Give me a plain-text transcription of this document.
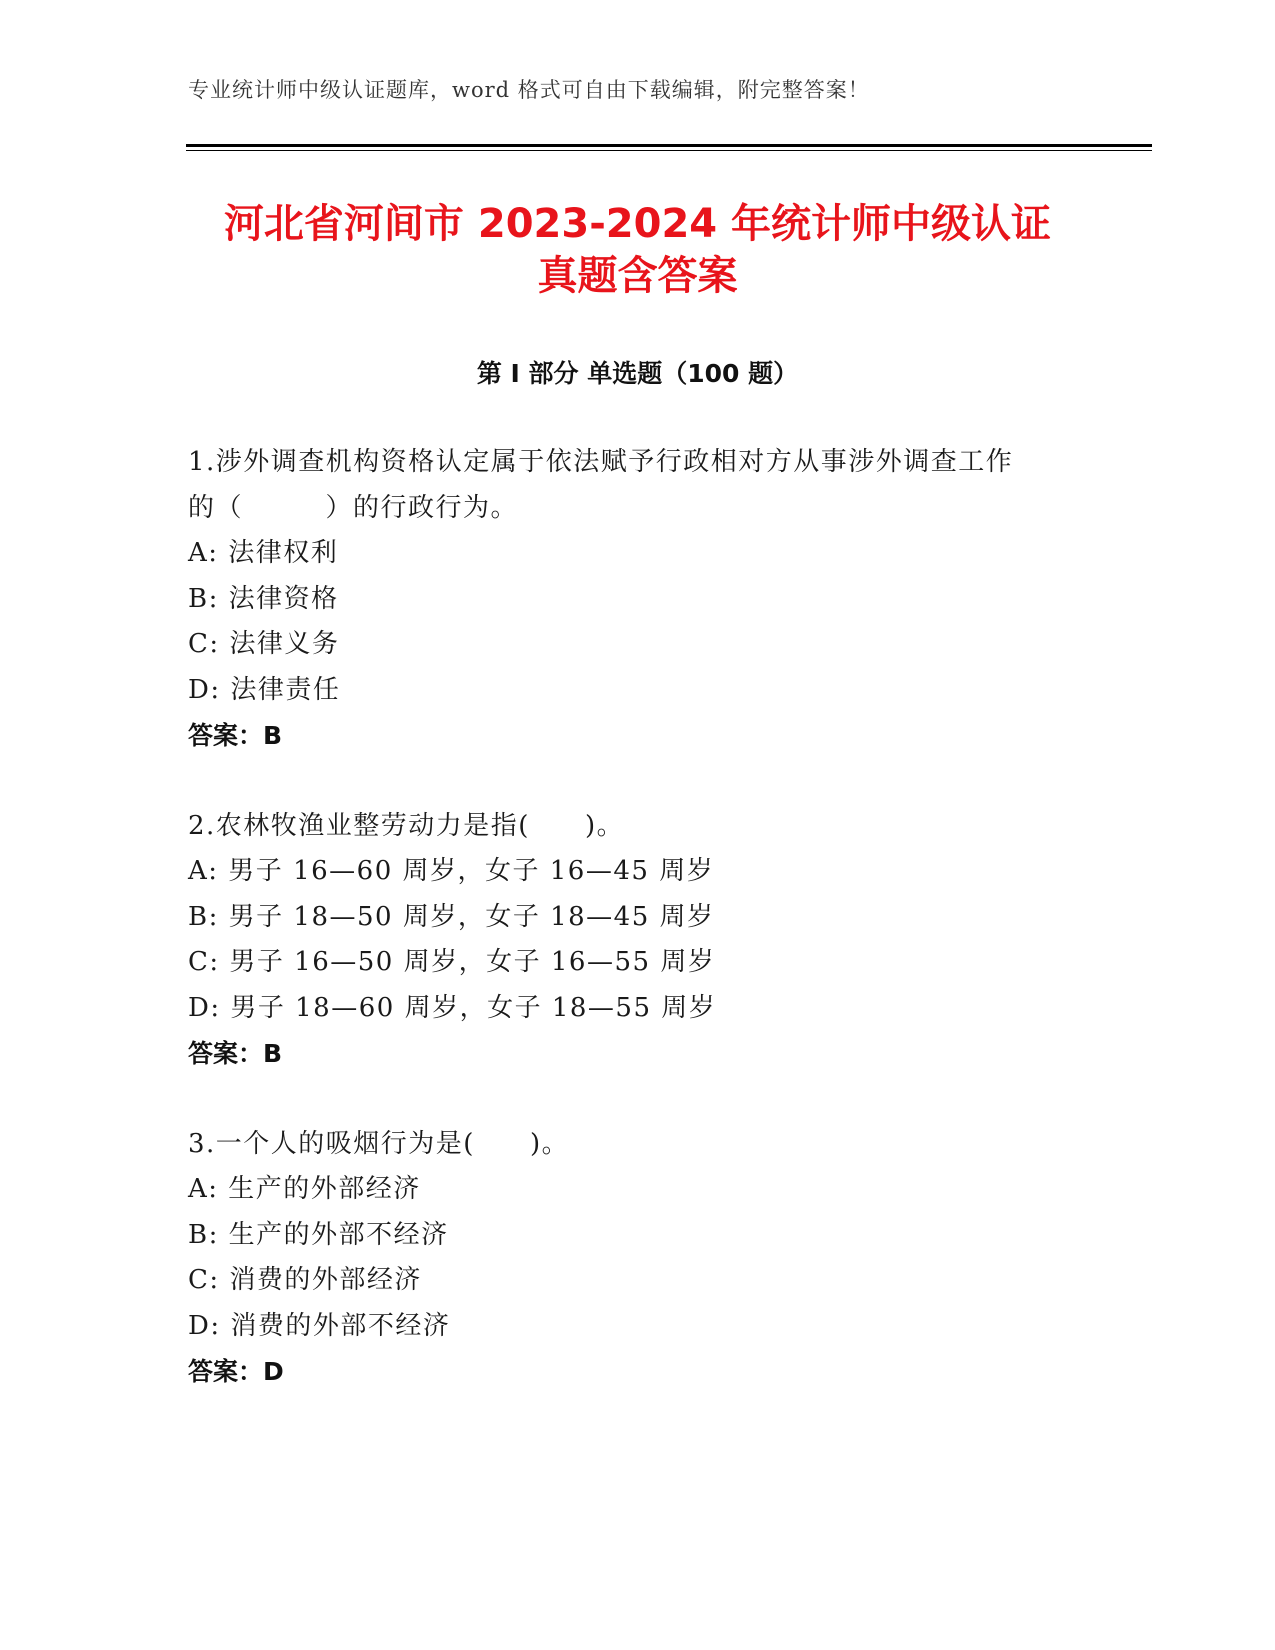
专业统计师中级认证题库，word 格式可自由下载编辑，附完整答案！
河北省河间市 2023-2024 年统计师中级认证
真题含答案
第 I 部分 单选题（100 题）
1.涉外调查机构资格认定属于依法赋予行政相对方从事涉外调查工作
的（　　　）的行政行为。
A: 法律权利
B: 法律资格
C: 法律义务
D: 法律责任
答案：B
2.农林牧渔业整劳动力是指(　　)。
A: 男子 16—60 周岁，女子 16—45 周岁
B: 男子 18—50 周岁，女子 18—45 周岁
C: 男子 16—50 周岁，女子 16—55 周岁
D: 男子 18—60 周岁，女子 18—55 周岁
答案：B
3.一个人的吸烟行为是(　　)。
A: 生产的外部经济
B: 生产的外部不经济
C: 消费的外部经济
D: 消费的外部不经济
答案：D
